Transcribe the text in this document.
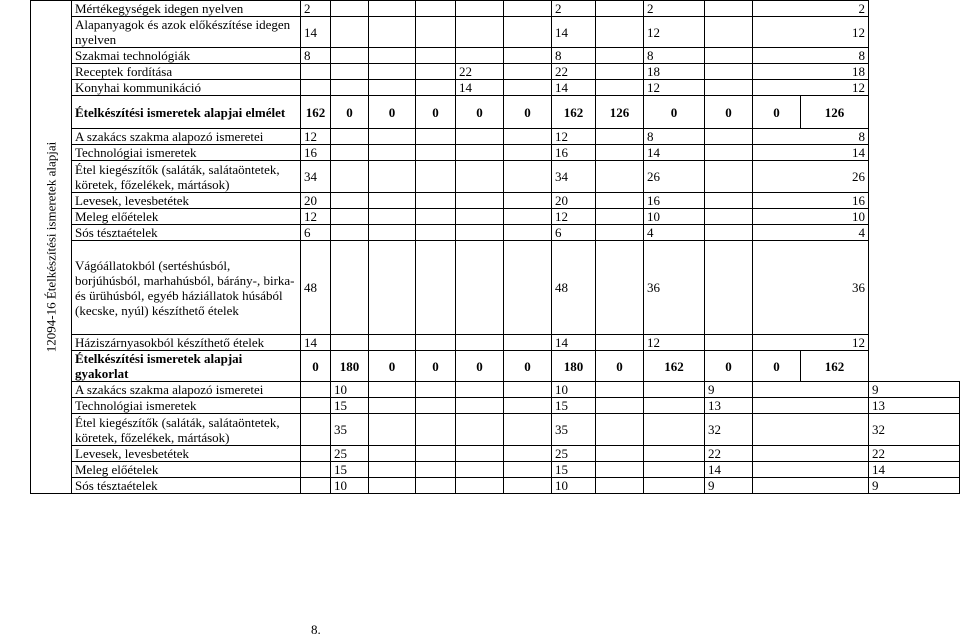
12094-16 Ételkészítési ismeretek alapjai	Mértékegységek idegen nyelven	2						2		2		2		
	Alapanyagok és azok előkészítése idegen nyelven	14						14		12		12		
	Szakmai technológiák	8						8		8		8		
	Receptek fordítása					22		22		18		18		
	Konyhai kommunikáció					14		14		12		12		
	Ételkészítési ismeretek alapjai elmélet	162	0	0	0	0	0	162	126	0	0	0	126	
	A szakács szakma alapozó ismeretei	12						12		8		8		
	Technológiai ismeretek	16						16		14		14		
	Étel kiegészítők (saláták, salátaöntetek, köretek, főzelékek, mártások)	34						34		26		26		
	Levesek, levesbetétek	20						20		16		16		
	Meleg előételek	12						12		10		10		
	Sós tésztaételek	6						6		4		4		
	Vágóállatokból (sertéshúsból, borjúhúsból, marhahúsból, bárány-, birka- és ürühúsból, egyéb háziállatok húsából (kecske, nyúl) készíthető ételek	48						48		36		36		
	Háziszárnyasokból készíthető ételek	14						14		12		12		
	Ételkészítési ismeretek alapjai gyakorlat	0	180	0	0	0	0	180	0	162	0	0	162	
	A szakács szakma alapozó ismeretei		10					10			9			9
	Technológiai ismeretek		15					15			13			13
	Étel kiegészítők (saláták, salátaöntetek, köretek, főzelékek, mártások)		35					35			32			32
	Levesek, levesbetétek		25					25			22			22
	Meleg előételek		15					15			14			14
	Sós tésztaételek		10					10			9			9
8.
